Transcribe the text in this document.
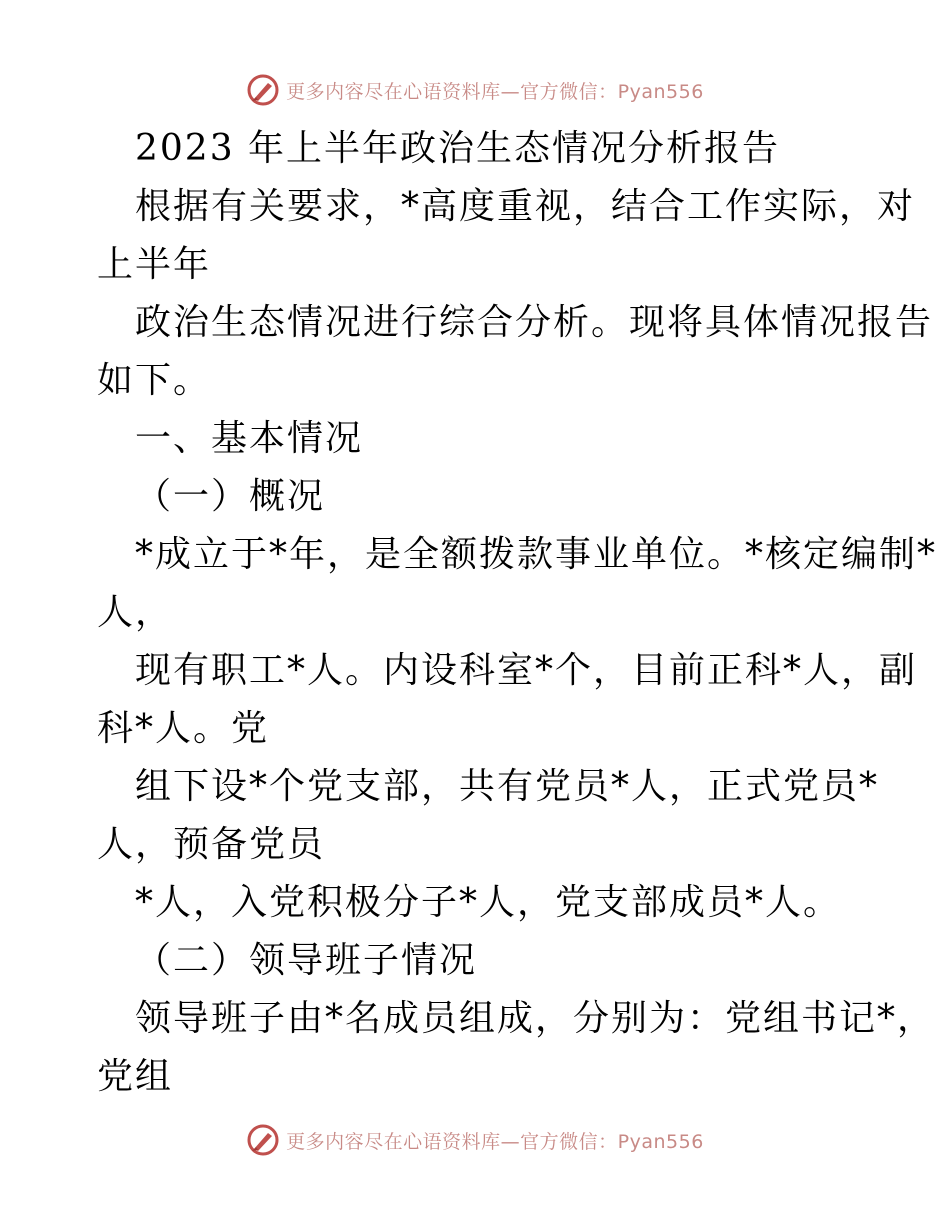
更多内容尽在心语资料库—官方微信：Pyan556

2023 年上半年政治生态情况分析报告

根据有关要求，*高度重视，结合工作实际，对

上半年

政治生态情况进行综合分析。现将具体情况报告

如下。

一、基本情况

（一）概况

*成立于*年，是全额拨款事业单位。*核定编制*

人，

现有职工*人。内设科室*个，目前正科*人，副

科*人。党

组下设*个党支部，共有党员*人，正式党员*

人，预备党员

*人，入党积极分子*人，党支部成员*人。

（二）领导班子情况

领导班子由*名成员组成，分别为：党组书记*，

党组

更多内容尽在心语资料库—官方微信：Pyan556
